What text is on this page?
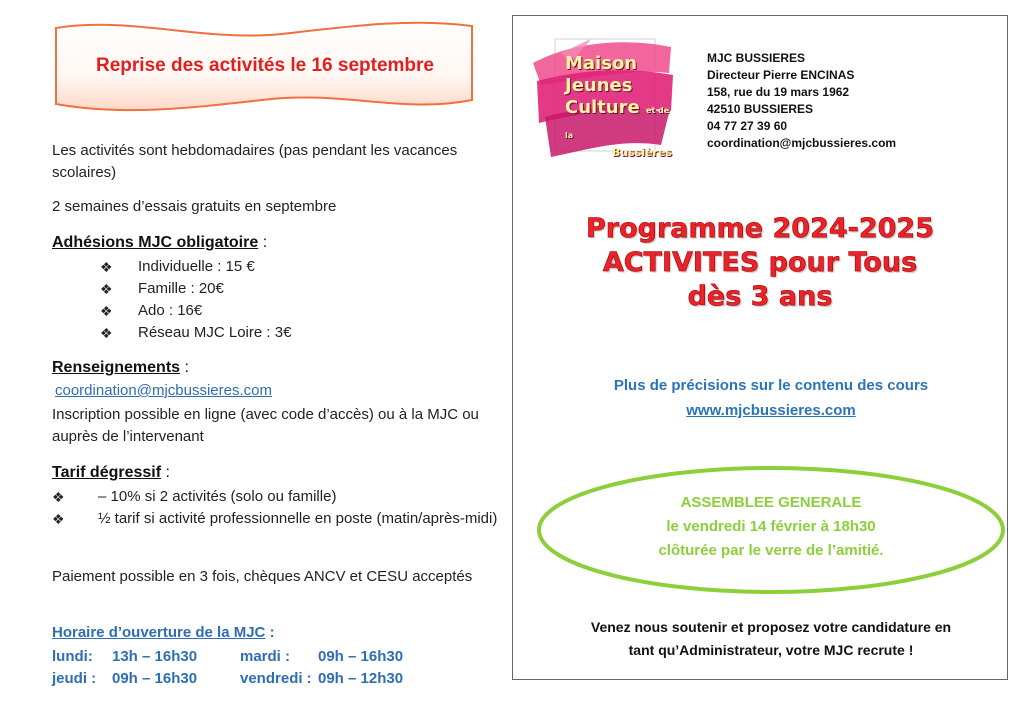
Reprise des activités le 16 septembre
Les activités sont hebdomadaires (pas pendant les vacances scolaires)
2 semaines d’essais gratuits en septembre
Adhésions MJC obligatoire :
❖	Individuelle : 15 €
❖	Famille : 20€
❖	Ado : 16€
❖	Réseau MJC Loire : 3€
Renseignements :
coordination@mjcbussieres.com
Inscription possible en ligne (avec code d’accès) ou à la MJC ou auprès de l’intervenant
Tarif dégressif :
❖	– 10% si 2 activités (solo ou famille)
❖	½ tarif si activité professionnelle en poste (matin/après-midi)
Paiement possible en 3 fois, chèques ANCV et CESU acceptés
Horaire d’ouverture de la MJC :
lundi: 13h – 16h30	mardi : 09h – 16h30
jeudi : 09h – 16h30	vendredi : 09h – 12h30
Maison
Jeunes
Culture et de la
Bussières
MJC BUSSIERES
Directeur Pierre ENCINAS
158, rue du 19 mars 1962
42510 BUSSIERES
04 77 27 39 60
coordination@mjcbussieres.com
Programme 2024-2025
ACTIVITES pour Tous
dès 3 ans
Plus de précisions sur le contenu des cours
www.mjcbussieres.com
ASSEMBLEE GENERALE
le vendredi 14 février à 18h30
clôturée par le verre de l’amitié.
Venez nous soutenir et proposez votre candidature en
tant qu’Administrateur, votre MJC recrute !
